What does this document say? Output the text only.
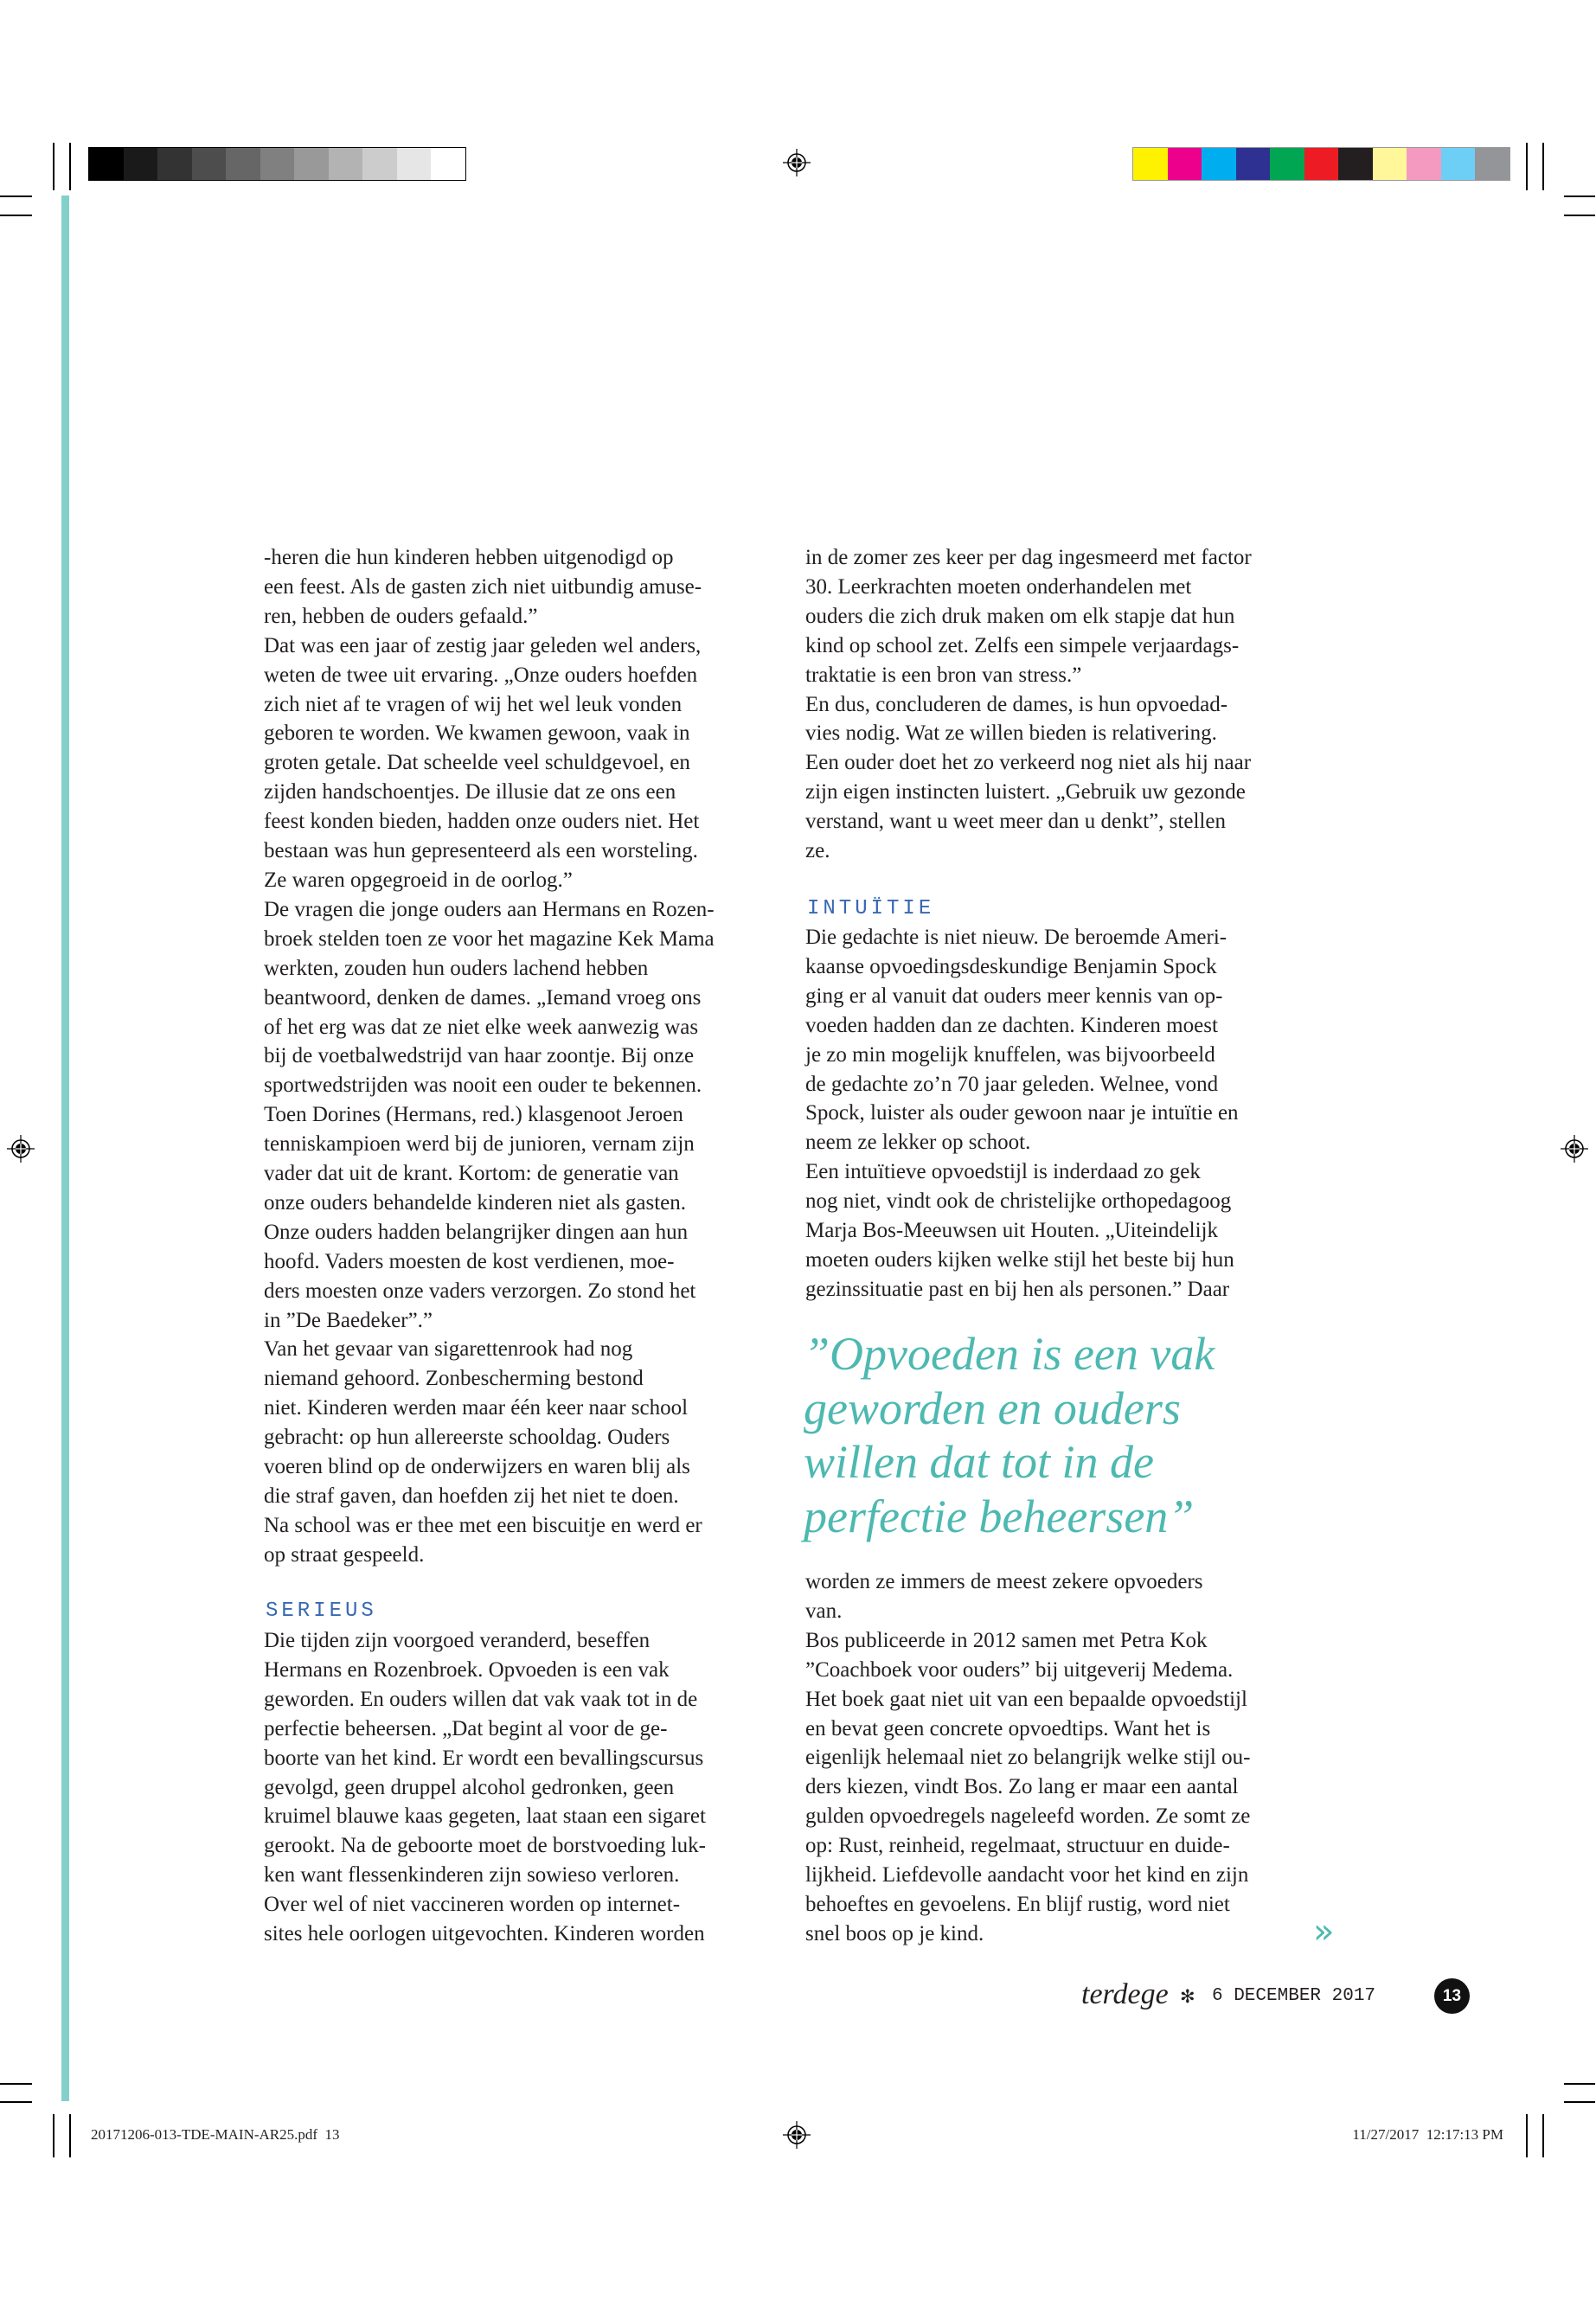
-heren die hun kinderen hebben uitgenodigd op
een feest. Als de gasten zich niet uitbundig amuse-
ren, hebben de ouders gefaald.”
Dat was een jaar of zestig jaar geleden wel anders,
weten de twee uit ervaring. „Onze ouders hoefden
zich niet af te vragen of wij het wel leuk vonden
geboren te worden. We kwamen gewoon, vaak in
groten getale. Dat scheelde veel schuldgevoel, en
zijden handschoentjes. De illusie dat ze ons een
feest konden bieden, hadden onze ouders niet. Het
bestaan was hun gepresenteerd als een worsteling.
Ze waren opgegroeid in de oorlog.”
De vragen die jonge ouders aan Hermans en Rozen-
broek stelden toen ze voor het magazine Kek Mama
werkten, zouden hun ouders lachend hebben
beantwoord, denken de dames. „Iemand vroeg ons
of het erg was dat ze niet elke week aanwezig was
bij de voetbalwedstrijd van haar zoontje. Bij onze
sportwedstrijden was nooit een ouder te bekennen.
Toen Dorines (Hermans, red.) klasgenoot Jeroen
tenniskampioen werd bij de junioren, vernam zijn
vader dat uit de krant. Kortom: de generatie van
onze ouders behandelde kinderen niet als gasten.
Onze ouders hadden belangrijker dingen aan hun
hoofd. Vaders moesten de kost verdienen, moe-
ders moesten onze vaders verzorgen. Zo stond het
in ”De Baedeker”.”
Van het gevaar van sigarettenrook had nog
niemand gehoord. Zonbescherming bestond
niet. Kinderen werden maar één keer naar school
gebracht: op hun allereerste schooldag. Ouders
voeren blind op de onderwijzers en waren blij als
die straf gaven, dan hoefden zij het niet te doen.
Na school was er thee met een biscuitje en werd er
op straat gespeeld.
SERIEUS
Die tijden zijn voorgoed veranderd, beseffen
Hermans en Rozenbroek. Opvoeden is een vak
geworden. En ouders willen dat vak vaak tot in de
perfectie beheersen. „Dat begint al voor de ge-
boorte van het kind. Er wordt een bevallingscursus
gevolgd, geen druppel alcohol gedronken, geen
kruimel blauwe kaas gegeten, laat staan een sigaret
gerookt. Na de geboorte moet de borstvoeding luk-
ken want flessenkinderen zijn sowieso verloren.
Over wel of niet vaccineren worden op internet-
sites hele oorlogen uitgevochten. Kinderen worden
in de zomer zes keer per dag ingesmeerd met factor
30. Leerkrachten moeten onderhandelen met
ouders die zich druk maken om elk stapje dat hun
kind op school zet. Zelfs een simpele verjaardags-
traktatie is een bron van stress.”
En dus, concluderen de dames, is hun opvoedad-
vies nodig. Wat ze willen bieden is relativering.
Een ouder doet het zo verkeerd nog niet als hij naar
zijn eigen instincten luistert. „Gebruik uw gezonde
verstand, want u weet meer dan u denkt”, stellen
ze.
INTUÏTIE
Die gedachte is niet nieuw. De beroemde Ameri-
kaanse opvoedingsdeskundige Benjamin Spock
ging er al vanuit dat ouders meer kennis van op-
voeden hadden dan ze dachten. Kinderen moest
je zo min mogelijk knuffelen, was bijvoorbeeld
de gedachte zo’n 70 jaar geleden. Welnee, vond
Spock, luister als ouder gewoon naar je intuïtie en
neem ze lekker op schoot.
Een intuïtieve opvoedstijl is inderdaad zo gek
nog niet, vindt ook de christelijke orthopedagoog
Marja Bos-Meeuwsen uit Houten. „Uiteindelijk
moeten ouders kijken welke stijl het beste bij hun
gezinssituatie past en bij hen als personen.” Daar
”Opvoeden is een vak
geworden en ouders
willen dat tot in de
perfectie beheersen”
worden ze immers de meest zekere opvoeders
van.
Bos publiceerde in 2012 samen met Petra Kok
”Coachboek voor ouders” bij uitgeverij Medema.
Het boek gaat niet uit van een bepaalde opvoedstijl
en bevat geen concrete opvoedtips. Want het is
eigenlijk helemaal niet zo belangrijk welke stijl ou-
ders kiezen, vindt Bos. Zo lang er maar een aantal
gulden opvoedregels nageleefd worden. Ze somt ze
op: Rust, reinheid, regelmaat, structuur en duide-
lijkheid. Liefdevolle aandacht voor het kind en zijn
behoeftes en gevoelens. En blijf rustig, word niet
snel boos op je kind.	»
terdege ✻ 6 DECEMBER 2017	13
20171206-013-TDE-MAIN-AR25.pdf  13	11/27/2017  12:17:13 PM
